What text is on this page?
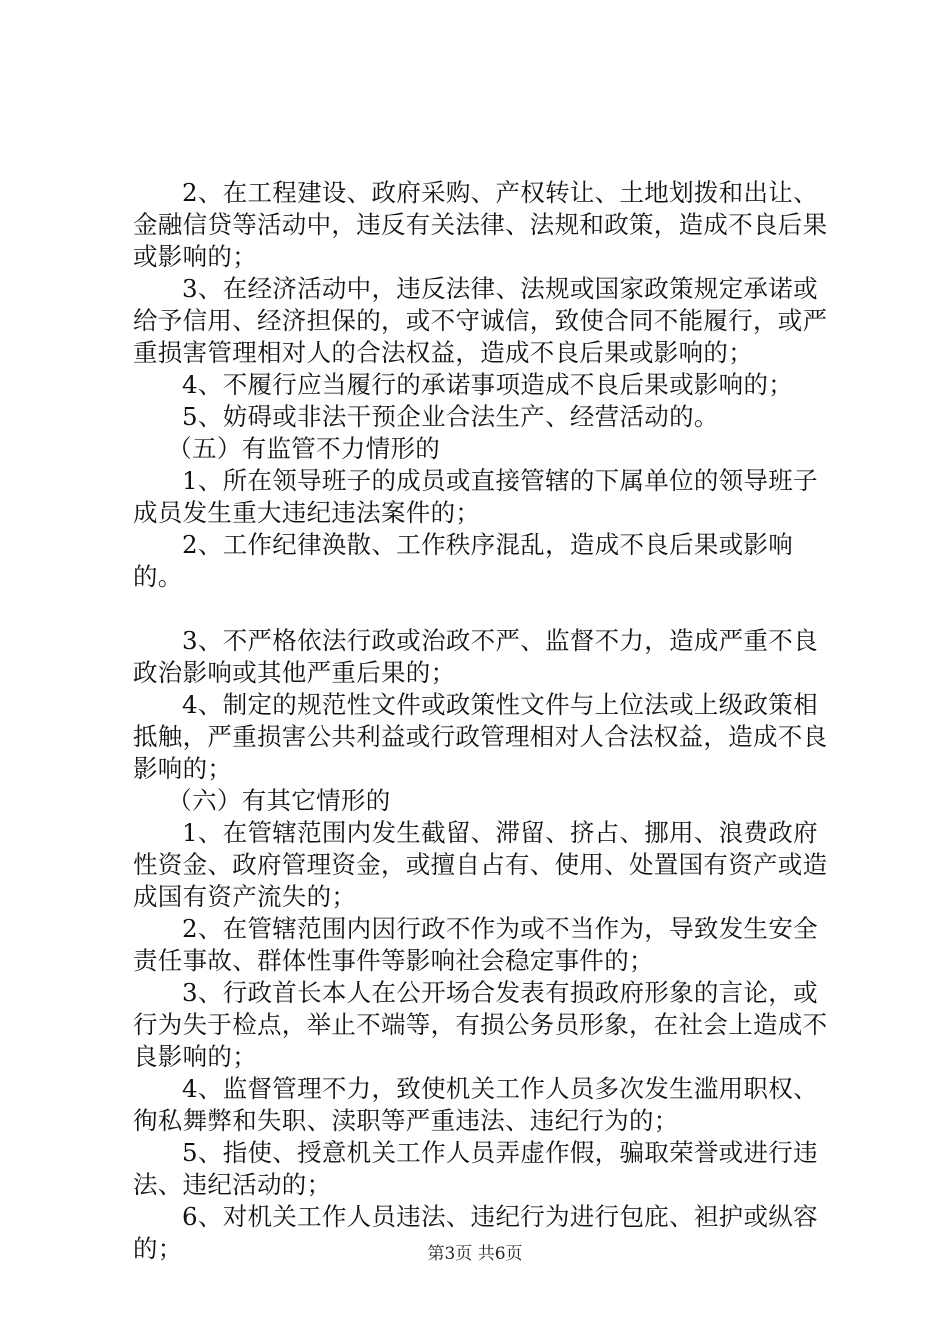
2、在工程建设、政府采购、产权转让、土地划拨和出让、金融信贷等活动中，违反有关法律、法规和政策，造成不良后果或影响的；

3、在经济活动中，违反法律、法规或国家政策规定承诺或给予信用、经济担保的，或不守诚信，致使合同不能履行，或严重损害管理相对人的合法权益，造成不良后果或影响的；

4、不履行应当履行的承诺事项造成不良后果或影响的；

5、妨碍或非法干预企业合法生产、经营活动的。

（五）有监管不力情形的

1、所在领导班子的成员或直接管辖的下属单位的领导班子成员发生重大违纪违法案件的；

2、工作纪律涣散、工作秩序混乱，造成不良后果或影响的。

3、不严格依法行政或治政不严、监督不力，造成严重不良政治影响或其他严重后果的；

4、制定的规范性文件或政策性文件与上位法或上级政策相抵触，严重损害公共利益或行政管理相对人合法权益，造成不良影响的；

（六）有其它情形的

1、在管辖范围内发生截留、滞留、挤占、挪用、浪费政府性资金、政府管理资金，或擅自占有、使用、处置国有资产或造成国有资产流失的；

2、在管辖范围内因行政不作为或不当作为，导致发生安全责任事故、群体性事件等影响社会稳定事件的；

3、行政首长本人在公开场合发表有损政府形象的言论，或行为失于检点，举止不端等，有损公务员形象，在社会上造成不良影响的；

4、监督管理不力，致使机关工作人员多次发生滥用职权、徇私舞弊和失职、渎职等严重违法、违纪行为的；

5、指使、授意机关工作人员弄虚作假，骗取荣誉或进行违法、违纪活动的；

6、对机关工作人员违法、违纪行为进行包庇、袒护或纵容的；	第3页 共6页
